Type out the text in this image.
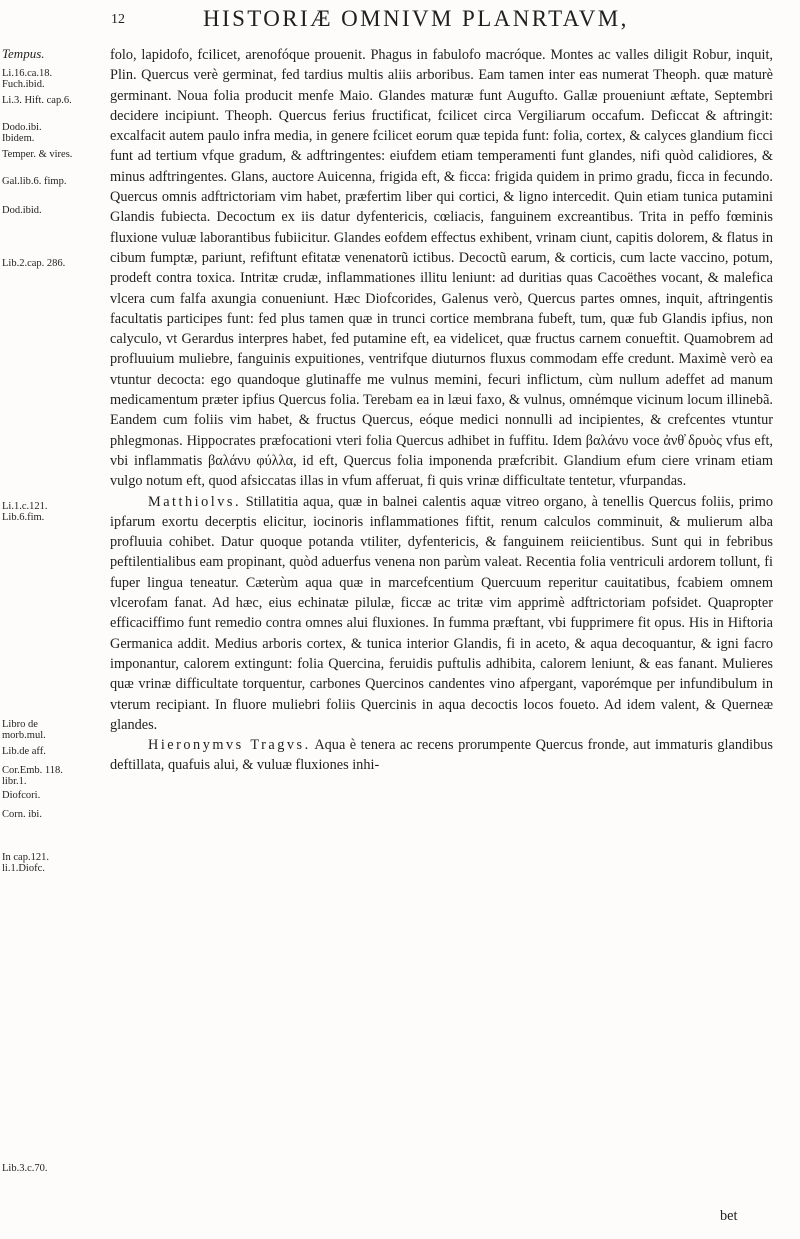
12	HISTORIÆ OMNIVM PLANRTAVM,
Tempus.
Li.16.ca.18. Fuch.ibid.
Li.3. Hift. cap.6.
Dodo.ibi. Ibidem.
Temper. & vires.
Gal.lib.6. fimp.
Dod.ibid.
Lib.2.cap. 286.
Li.1.c.121. Lib.6.fim.
Libro de morb.mul.
Lib.de aff.
Cor.Emb. 118. libr.1.
Diofcori.
Corn. ibi.
In cap.121. li.1.Diofc.
Lib.3.c.70.

folo, lapidofo, fcilicet, arenofóque prouenit. Phagus in fabulofo macróque. Montes ac valles diligit Robur, inquit, Plin. Quercus verè germinat, fed tardius multis aliis arboribus. Eam tamen inter eas numerat Theoph. quæ maturè germinant. Noua folia producit menfe Maio. Glandes maturæ funt Augufto. Gallæ proueniunt æftate, Septembri decidere incipiunt. Theoph. Quercus ferius fructificat, fcilicet circa Vergiliarum occafum. Deficcat & aftringit: excalfacit autem paulo infra media, in genere fcilicet eorum quæ tepida funt: folia, cortex, & calyces glandium ficci funt ad tertium vfque gradum, & adftringentes: eiufdem etiam temperamenti funt glandes, nifi quòd calidiores, & minus adftringentes. Glans, auctore Auicenna, frigida eft, & ficca: frigida quidem in primo gradu, ficca in fecundo. Quercus omnis adftrictoriam vim habet, præfertim liber qui cortici, & ligno intercedit. Quin etiam tunica putamini Glandis fubiecta. Decoctum ex iis datur dyfentericis, cœliacis, fanguinem excreantibus. Trita in peffo fœminis fluxione vuluæ laborantibus fubiicitur. Glandes eofdem effectus exhibent, vrinam ciunt, capitis dolorem, & flatus in cibum fumptæ, pariunt, refiftunt efitatæ venenatorũ ictibus. Decoctũ earum, & corticis, cum lacte vaccino, potum, prodeft contra toxica. Intritæ crudæ, inflammationes illitu leniunt: ad duritias quas Cacoëthes vocant, & malefica vlcera cum falfa axungia conueniunt. Hæc Diofcorides, Galenus verò, Quercus partes omnes, inquit, aftringentis facultatis participes funt: fed plus tamen quæ in trunci cortice membrana fubeft, tum, quæ fub Glandis ipfius, non calyculo, vt Gerardus interpres habet, fed putamine eft, ea videlicet, quæ fructus carnem conueftit. Quamobrem ad profluuium muliebre, fanguinis expuitiones, ventrifque diuturnos fluxus commodam effe credunt. Maximè verò ea vtuntur decocta: ego quandoque glutinaffe me vulnus memini, fecuri inflictum, cùm nullum adeffet ad manum medicamentum præter ipfius Quercus folia. Terebam ea in læui faxo, & vulnus, omnémque vicinum locum illinebã. Eandem cum foliis vim habet, & fructus Quercus, eóque medici nonnulli ad incipientes, & crefcentes vtuntur phlegmonas. Hippocrates præfocationi vteri folia Quercus adhibet in fuffitu. Idem βαλάνυ voce ἀνθ̕ δρυὸς vfus eft, vbi inflammatis βαλάνυ φύλλα, id eft, Quercus folia imponenda præfcribit. Glandium efum ciere vrinam etiam vulgo notum eft, quod afsiccatas illas in vfum afferuat, fi quis vrinæ difficultate tentetur, vfurpandas.

Matthiolvs. Stillatitia aqua, quæ in balnei calentis aquæ vitreo organo, à tenellis Quercus foliis, primo ipfarum exortu decerptis elicitur, iocinoris inflammationes fiftit, renum calculos comminuit, & mulierum alba profluuia cohibet. Datur quoque potanda vtiliter, dyfentericis, & fanguinem reiicientibus. Sunt qui in febribus peftilentialibus eam propinant, quòd aduerfus venena non parùm valeat. Recentia folia ventriculi ardorem tollunt, fi fuper lingua teneatur. Cæterùm aqua quæ in marcefcentium Quercuum reperitur cauitatibus, fcabiem omnem vlcerofam fanat. Ad hæc, eius echinatæ pilulæ, ficcæ ac tritæ vim apprimè adftrictoriam pofsidet. Quapropter efficaciffimo funt remedio contra omnes alui fluxiones. In fumma præftant, vbi fupprimere fit opus. His in Hiftoria Germanica addit. Medius arboris cortex, & tunica interior Glandis, fi in aceto, & aqua decoquantur, & igni facro imponantur, calorem extingunt: folia Quercina, feruidis puftulis adhibita, calorem leniunt, & eas fanant. Mulieres quæ vrinæ difficultate torquentur, carbones Quercinos candentes vino afpergant, vaporémque per infundibulum in vterum recipiant. In fluore muliebri foliis Quercinis in aqua decoctis locos foueto. Ad idem valent, & Querneæ glandes.

Hieronymvs Tragvs. Aqua è tenera ac recens prorumpente Quercus fronde, aut immaturis glandibus deftillata, quafuis alui, & vuluæ fluxiones inhi-

bet
